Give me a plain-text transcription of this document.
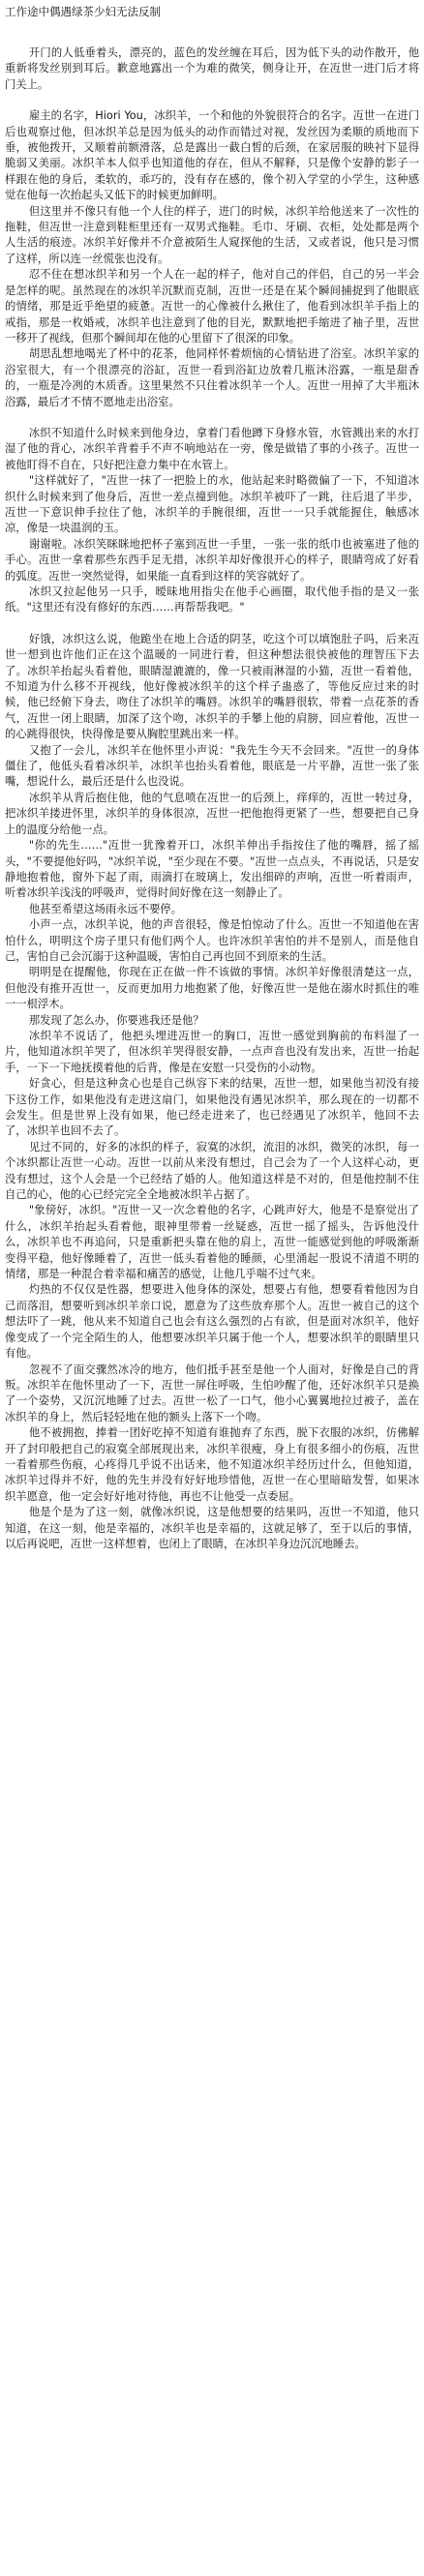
工作途中偶遇绿茶少妇无法反制

开门的人低垂着头，漂亮的，蓝色的发丝缠在耳后，因为低下头的动作散开，他重新将发丝别到耳后。歉意地露出一个为难的微笑，侧身让开，在冱世一进门后才将门关上。

雇主的名字，Hiori You，冰织羊，一个和他的外貌很符合的名字。冱世一在进门后也观察过他，但冰织羊总是因为低头的动作而错过对视，发丝因为柔顺的质地而下垂，被他拨开，又顺着前额滑落，总是露出一截白皙的后颈，在家居服的映衬下显得脆弱又美丽。冰织羊本人似乎也知道他的存在，但从不解释，只是像个安静的影子一样跟在他的身后，柔软的，乖巧的，没有存在感的，像个初入学堂的小学生，这种感觉在他每一次抬起头又低下的时候更加鲜明。

但这里并不像只有他一个人住的样子，进门的时候，冰织羊给他送来了一次性的拖鞋，但冱世一注意到鞋柜里还有一双男式拖鞋。毛巾、牙刷、衣柜，处处都是两个人生活的痕迹。冰织羊好像并不介意被陌生人窥探他的生活，又或者说，他只是习惯了这样，所以连一丝慌张也没有。

忍不住在想冰织羊和另一个人在一起的样子，他对自己的伴侣，自己的另一半会是怎样的呢。虽然现在的冰织羊沉默而克制，冱世一还是在某个瞬间捕捉到了他眼底的情绪，那是近乎绝望的疲惫。冱世一的心像被什么揪住了，他看到冰织羊手指上的戒指，那是一枚婚戒，冰织羊也注意到了他的目光，默默地把手缩进了袖子里，冱世一移开了视线，但那个瞬间却在他的心里留下了很深的印象。

胡思乱想地喝光了杯中的花茶，他同样怀着烦恼的心情钻进了浴室。冰织羊家的浴室很大，有一个很漂亮的浴缸，冱世一看到浴缸边放着几瓶沐浴露，一瓶是甜香的，一瓶是冷冽的木质香。这里果然不只住着冰织羊一个人。冱世一用掉了大半瓶沐浴露，最后才不情不愿地走出浴室。

冰织不知道什么时候来到他身边，拿着门看他蹲下身修水管，水管溅出来的水打湿了他的背心，冰织羊背着手不声不响地站在一旁，像是做错了事的小孩子。冱世一被他盯得不自在，只好把注意力集中在水管上。

"这样就好了，"冱世一抹了一把脸上的水，他站起来时略微偏了一下，不知道冰织什么时候来到了他身后，冱世一差点撞到他。冰织羊被吓了一跳，往后退了半步，冱世一下意识伸手拉住了他，冰织羊的手腕很细，冱世一一只手就能握住，触感冰凉，像是一块温润的玉。

谢谢啦。冰织笑眯眯地把杯子塞到冱世一手里，一张一张的纸巾也被塞进了他的手心。冱世一拿着那些东西手足无措，冰织羊却好像很开心的样子，眼睛弯成了好看的弧度。冱世一突然觉得，如果能一直看到这样的笑容就好了。

冰织又拉起他另一只手，暧昧地用指尖在他手心画圈，取代他手指的是又一张纸。"这里还有没有修好的东西……再帮帮我吧。"

好饿，冰织这么说，他跪坐在地上合适的阴茎，吃这个可以填饱肚子吗，后来冱世一想到也许他们正在这个温暖的一同进行着，但这种想法很快被他的理智压下去了。冰织羊抬起头看着他，眼睛湿漉漉的，像一只被雨淋湿的小猫，冱世一看着他，不知道为什么移不开视线，他好像被冰织羊的这个样子蛊惑了，等他反应过来的时候，他已经俯下身去，吻住了冰织羊的嘴唇。冰织羊的嘴唇很软，带着一点花茶的香气，冱世一闭上眼睛，加深了这个吻，冰织羊的手攀上他的肩膀，回应着他，冱世一的心跳得很快，快得像是要从胸腔里跳出来一样。

又抱了一会儿，冰织羊在他怀里小声说："我先生今天不会回来。"冱世一的身体僵住了，他低头看着冰织羊，冰织羊也抬头看着他，眼底是一片平静，冱世一张了张嘴，想说什么，最后还是什么也没说。

冰织羊从背后抱住他，他的气息喷在冱世一的后颈上，痒痒的，冱世一转过身，把冰织羊搂进怀里，冰织羊的身体很凉，冱世一把他抱得更紧了一些，想要把自己身上的温度分给他一点。

"你的先生……"冱世一犹豫着开口，冰织羊伸出手指按住了他的嘴唇，摇了摇头，"不要提他好吗，"冰织羊说，"至少现在不要。"冱世一点点头，不再说话，只是安静地抱着他，窗外下起了雨，雨滴打在玻璃上，发出细碎的声响，冱世一听着雨声，听着冰织羊浅浅的呼吸声，觉得时间好像在这一刻静止了。

他甚至希望这场雨永远不要停。

小声一点，冰织羊说，他的声音很轻，像是怕惊动了什么。冱世一不知道他在害怕什么，明明这个房子里只有他们两个人。也许冰织羊害怕的并不是别人，而是他自己，害怕自己会沉溺于这种温暖，害怕自己再也回不到原来的生活。

明明是在提醒他，你现在正在做一件不该做的事情。冰织羊好像很清楚这一点，但他没有推开冱世一，反而更加用力地抱紧了他，好像冱世一是他在溺水时抓住的唯一一根浮木。

那发现了怎么办，你要逃我还是他？

冰织羊不说话了，他把头埋进冱世一的胸口，冱世一感觉到胸前的布料湿了一片，他知道冰织羊哭了，但冰织羊哭得很安静，一点声音也没有发出来，冱世一抬起手，一下一下地抚摸着他的后背，像是在安慰一只受伤的小动物。

好贪心，但是这种贪心也是自己纵容下来的结果，冱世一想，如果他当初没有接下这份工作，如果他没有走进这扇门，如果他没有遇见冰织羊，那么现在的一切都不会发生。但是世界上没有如果，他已经走进来了，也已经遇见了冰织羊，他回不去了，冰织羊也回不去了。

见过不同的，好多的冰织的样子，寂寞的冰织，流泪的冰织，微笑的冰织，每一个冰织都让冱世一心动。冱世一以前从来没有想过，自己会为了一个人这样心动，更没有想过，这个人会是一个已经结了婚的人。他知道这样是不对的，但是他控制不住自己的心，他的心已经完完全全地被冰织羊占据了。

"象傍好，冰织。"冱世一又一次念着他的名字，心跳声好大，他是不是察觉出了什么，冰织羊抬起头看着他，眼神里带着一丝疑惑，冱世一摇了摇头，告诉他没什么，冰织羊也不再追问，只是重新把头靠在他的肩上，冱世一能感觉到他的呼吸渐渐变得平稳，他好像睡着了，冱世一低头看着他的睡颜，心里涌起一股说不清道不明的情绪，那是一种混合着幸福和痛苦的感觉，让他几乎喘不过气来。

灼热的不仅仅是性器，想要进入他身体的深处，想要占有他，想要看着他因为自己而落泪，想要听到冰织羊亲口说，愿意为了这些放弃那个人。冱世一被自己的这个想法吓了一跳，他从来不知道自己也会有这么强烈的占有欲，但是面对冰织羊，他好像变成了一个完全陌生的人，他想要冰织羊只属于他一个人，想要冰织羊的眼睛里只有他。

忽视不了面交骤然冰冷的地方，他们抵手甚至是他一个人面对，好像是自己的背叛。冰织羊在他怀里动了一下，冱世一屏住呼吸，生怕吵醒了他，还好冰织羊只是换了一个姿势，又沉沉地睡了过去。冱世一松了一口气，他小心翼翼地拉过被子，盖在冰织羊的身上，然后轻轻地在他的额头上落下一个吻。

他不被拥抱，捧着一团好吃掉不知道有谁抛弃了东西，脱下衣服的冰织，仿佛解开了封印般把自己的寂寞全部展现出来，冰织羊很瘦，身上有很多细小的伤痕，冱世一看着那些伤痕，心疼得几乎说不出话来，他不知道冰织羊经历过什么，但他知道，冰织羊过得并不好，他的先生并没有好好地珍惜他，冱世一在心里暗暗发誓，如果冰织羊愿意，他一定会好好地对待他，再也不让他受一点委屈。

他是个是为了这一刻，就像冰织说，这是他想要的结果吗，冱世一不知道，他只知道，在这一刻，他是幸福的，冰织羊也是幸福的，这就足够了，至于以后的事情，以后再说吧，冱世一这样想着，也闭上了眼睛，在冰织羊身边沉沉地睡去。
